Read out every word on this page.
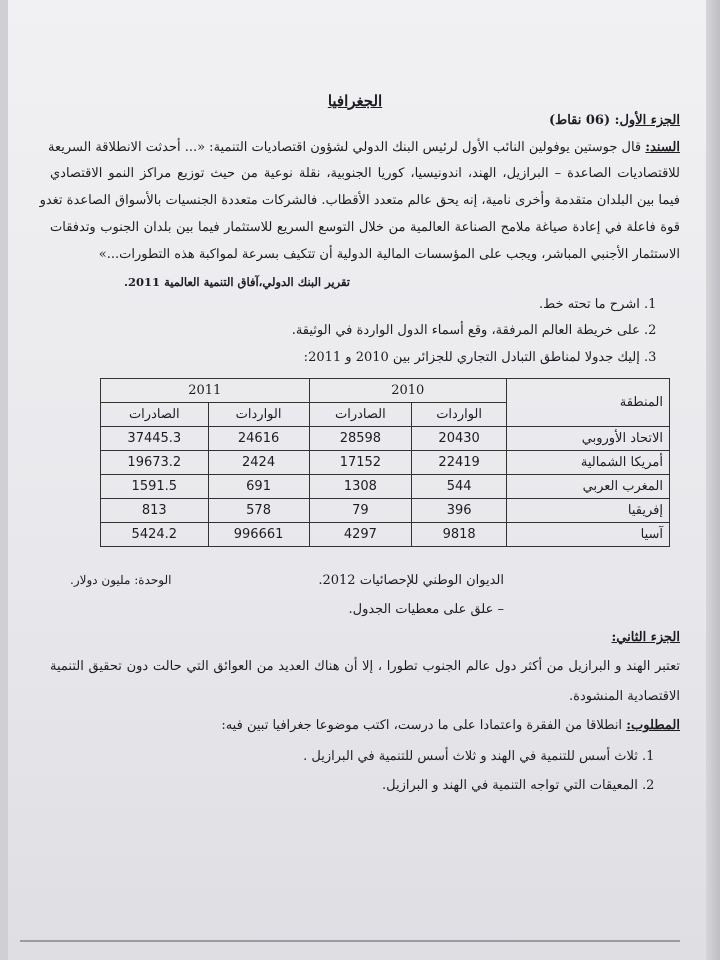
الجغرافيا
الجزء الأول: (06 نقاط)
السند: قال جوستين يوفولين النائب الأول لرئيس البنك الدولي لشؤون اقتصاديات التنمية: «... أحدثت الانطلاقة السريعة
للاقتصاديات الصاعدة – البرازيل، الهند، اندونيسيا، كوريا الجنوبية، نقلة نوعية من حيث توزيع مراكز النمو الاقتصادي
فيما بين البلدان متقدمة وأخرى نامية، إنه يحق عالم متعدد الأقطاب. فالشركات متعددة الجنسيات بالأسواق الصاعدة تغدو
قوة فاعلة في إعادة صياغة ملامح الصناعة العالمية من خلال التوسع السريع للاستثمار فيما بين بلدان الجنوب وتدفقات
الاستثمار الأجنبي المباشر، ويجب على المؤسسات المالية الدولية أن تتكيف بسرعة لمواكبة هذه التطورات...»
تقرير البنك الدولي،آفاق التنمية العالمية 2011.
1. اشرح ما تحته خط.
2. على خريطة العالم المرفقة، وقع أسماء الدول الواردة في الوثيقة.
3. إليك جدولا لمناطق التبادل التجاري للجزائر بين 2010 و 2011:
المنطقة	2010		2011	
	الواردات	الصادرات	الواردات	الصادرات
الاتحاد الأوروبي	20430	28598	24616	37445.3
أمريكا الشمالية	22419	17152	2424	19673.2
المغرب العربي	544	1308	691	1591.5
إفريقيا	396	79	578	813
آسيا	9818	4297	996661	5424.2
الديوان الوطني للإحصائيات 2012.
الوحدة: مليون دولار.
– علق على معطيات الجدول.
الجزء الثاني:
تعتبر الهند و البرازيل من أكثر دول عالم الجنوب تطورا ، إلا أن هناك العديد من العوائق التي حالت دون تحقيق التنمية
الاقتصادية المنشودة.
المطلوب: انطلاقا من الفقرة واعتمادا على ما درست، اكتب موضوعا جغرافيا تبين فيه:
1. ثلاث أسس للتنمية في الهند و ثلاث أسس للتنمية في البرازيل .
2. المعيقات التي تواجه التنمية في الهند و البرازيل.
